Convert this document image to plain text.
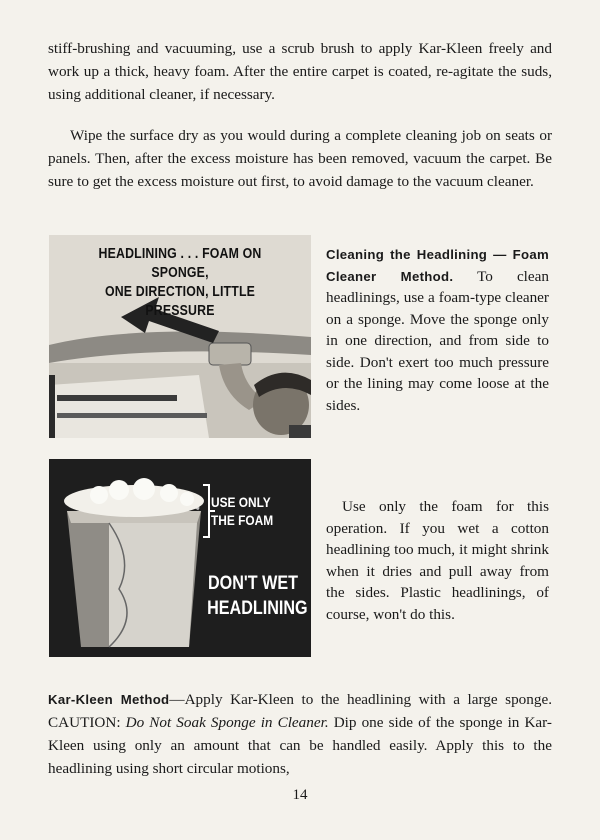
stiff-brushing and vacuuming, use a scrub brush to apply Kar-Kleen freely and work up a thick, heavy foam. After the entire carpet is coated, re-agitate the suds, using additional cleaner, if necessary.

Wipe the surface dry as you would during a complete cleaning job on seats or panels. Then, after the excess moisture has been removed, vacuum the carpet. Be sure to get the excess moisture out first, to avoid damage to the vacuum cleaner.

HEADLINING . . . FOAM ON SPONGE,
ONE DIRECTION, LITTLE PRESSURE
USE ONLY
THE FOAM
DON'T WET
HEADLINING

Cleaning the Headlining — Foam Cleaner Method. To clean headlinings, use a foam-type cleaner on a sponge. Move the sponge only in one direction, and from side to side. Don't exert too much pressure or the lining may come loose at the sides.

Use only the foam for this operation. If you wet a cotton headlining too much, it might shrink when it dries and pull away from the sides. Plastic headlinings, of course, won't do this.

Kar-Kleen Method—Apply Kar-Kleen to the headlining with a large sponge. CAUTION: Do Not Soak Sponge in Cleaner. Dip one side of the sponge in Kar-Kleen using only an amount that can be handled easily. Apply this to the headlining using short circular motions,

14
